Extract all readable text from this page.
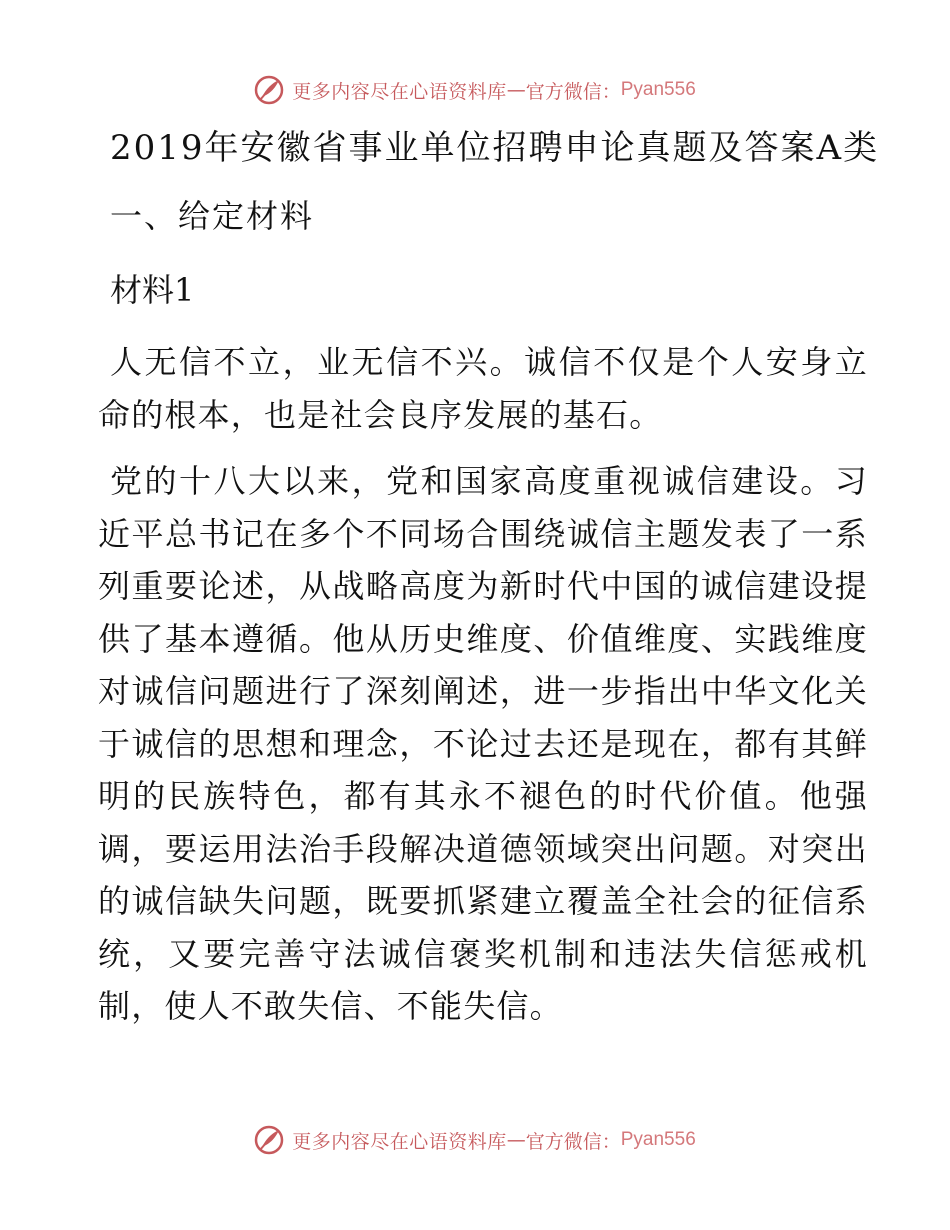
更多内容尽在心语资料库 — 官方微信： Pyan556
2019年安徽省事业单位招聘申论真题及答案A类
一、给定材料
材料1

人无信不立，业无信不兴。诚信不仅是个人安身立命的根本，也是社会良序发展的基石。

党的十八大以来，党和国家高度重视诚信建设。习近平总书记在多个不同场合围绕诚信主题发表了一系列重要论述，从战略高度为新时代中国的诚信建设提供了基本遵循。他从历史维度、价值维度、实践维度对诚信问题进行了深刻阐述，进一步指出中华文化关于诚信的思想和理念，不论过去还是现在，都有其鲜明的民族特色，都有其永不褪色的时代价值。他强调，要运用法治手段解决道德领域突出问题。对突出的诚信缺失问题，既要抓紧建立覆盖全社会的征信系统，又要完善守法诚信褒奖机制和违法失信惩戒机制，使人不敢失信、不能失信。

更多内容尽在心语资料库 — 官方微信： Pyan556
